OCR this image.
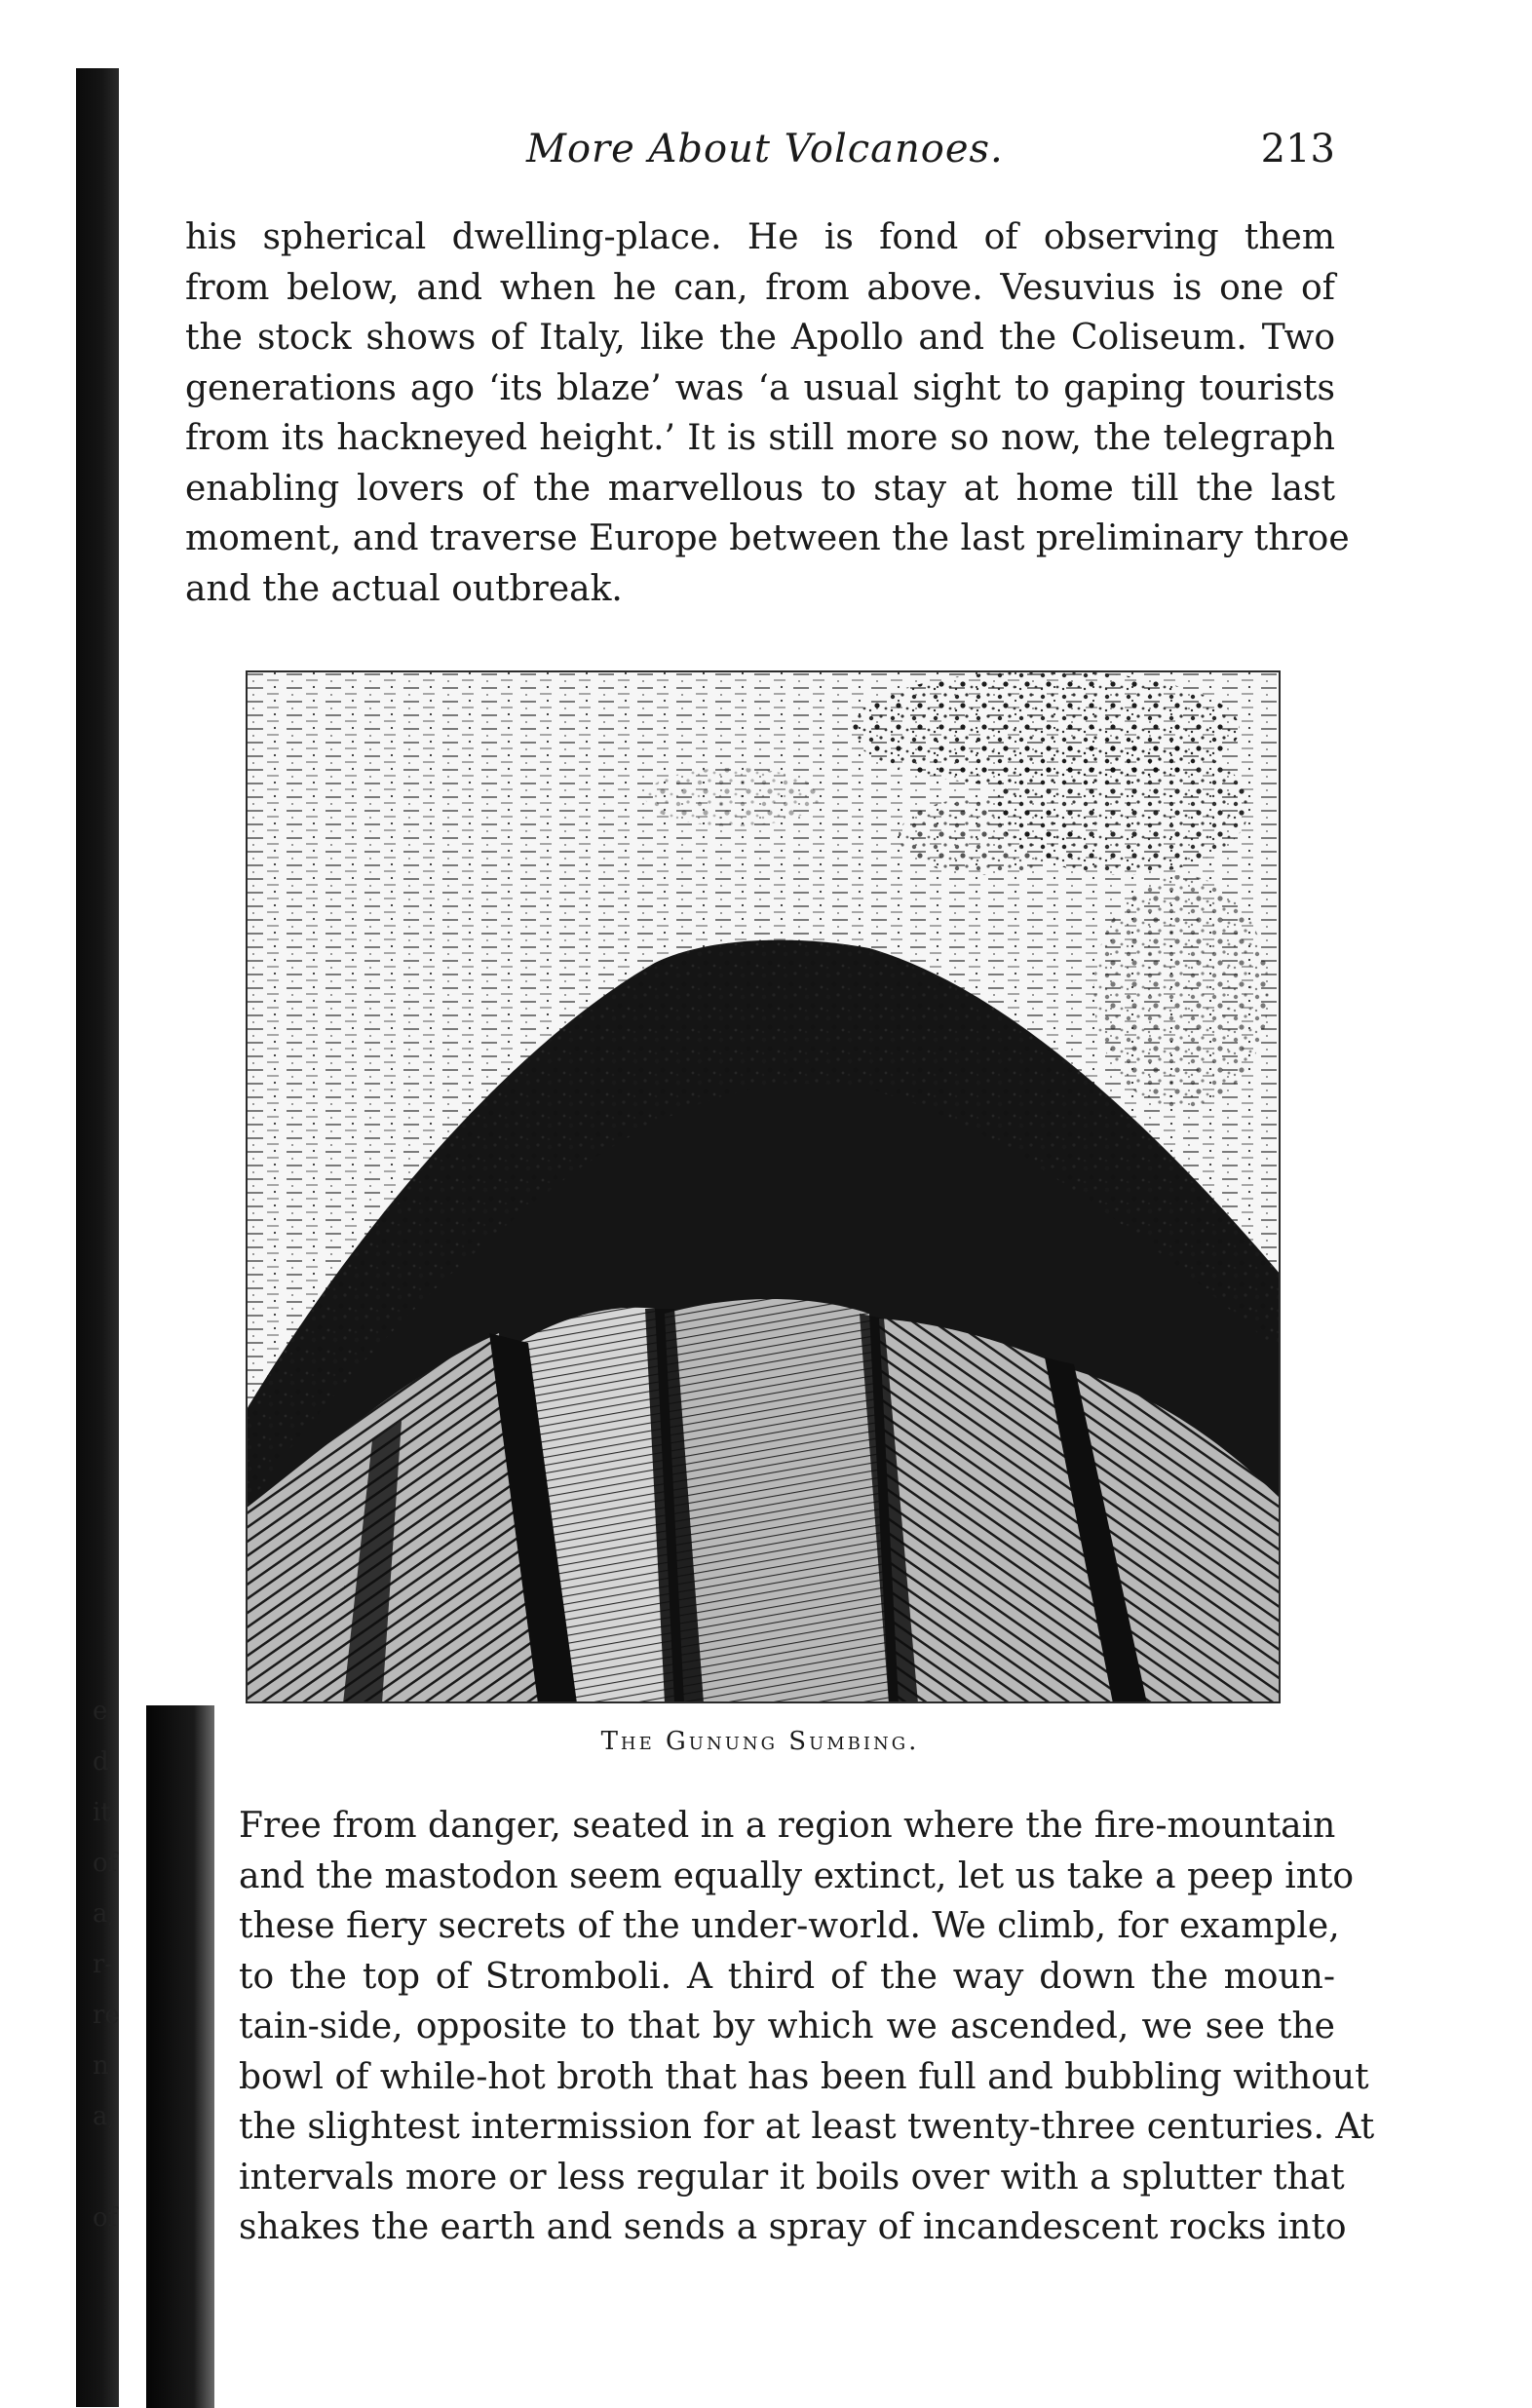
e
d
it
of
a,
r-
re
n
a,

of
More About Volcanoes.	213

his spherical dwelling-place. He is fond of observing them
from below, and when he can, from above. Vesuvius is one of
the stock shows of Italy, like the Apollo and the Coliseum. Two
generations ago ‘its blaze’ was ‘a usual sight to gaping tourists
from its hackneyed height.’ It is still more so now, the telegraph
enabling lovers of the marvellous to stay at home till the last
moment, and traverse Europe between the last preliminary throe
and the actual outbreak.

The Gunung Sumbing.

Free from danger, seated in a region where the fire-mountain
and the mastodon seem equally extinct, let us take a peep into
these fiery secrets of the under-world. We climb, for example,
to the top of Stromboli. A third of the way down the moun-
tain-side, opposite to that by which we ascended, we see the
bowl of while-hot broth that has been full and bubbling without
the slightest intermission for at least twenty-three centuries. At
intervals more or less regular it boils over with a splutter that
shakes the earth and sends a spray of incandescent rocks into
